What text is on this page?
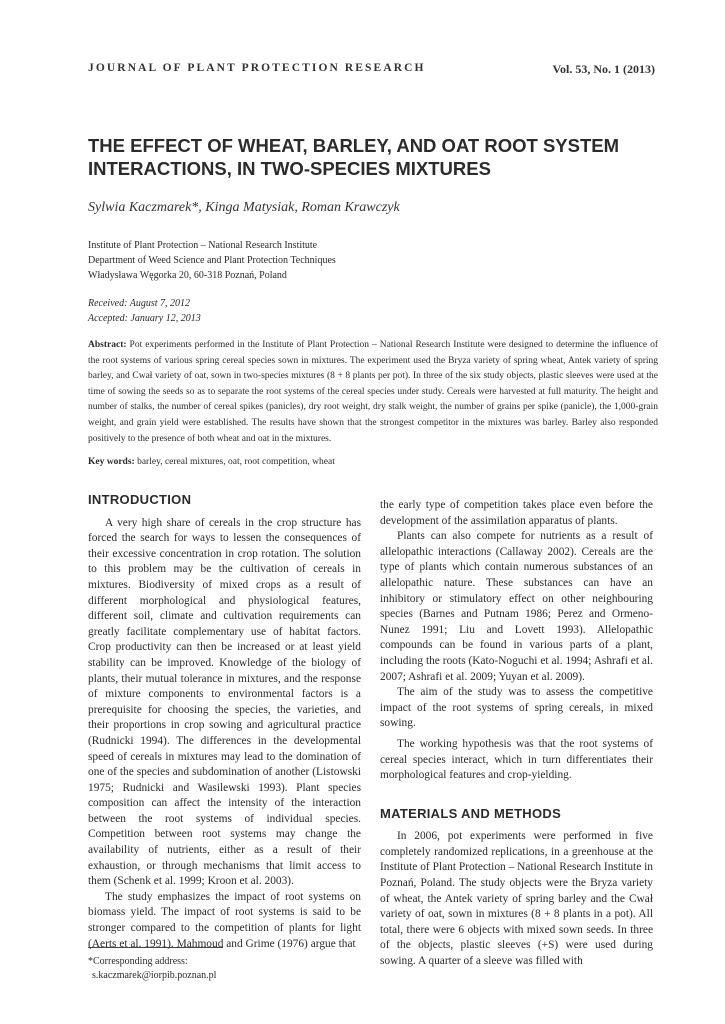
JOURNAL OF PLANT PROTECTION RESEARCH	Vol. 53, No. 1 (2013)
THE EFFECT OF WHEAT, BARLEY, AND OAT ROOT SYSTEM
INTERACTIONS, IN TWO-SPECIES MIXTURES
Sylwia Kaczmarek*, Kinga Matysiak, Roman Krawczyk
Institute of Plant Protection – National Research Institute
Department of Weed Science and Plant Protection Techniques
Władysława Węgorka 20, 60-318 Poznań, Poland
Received: August 7, 2012
Accepted: January 12, 2013
Abstract: Pot experiments performed in the Institute of Plant Protection – National Research Institute were designed to determine the influence of the root systems of various spring cereal species sown in mixtures. The experiment used the Bryza variety of spring wheat, Antek variety of spring barley, and Cwał variety of oat, sown in two-species mixtures (8 + 8 plants per pot). In three of the six study objects, plastic sleeves were used at the time of sowing the seeds so as to separate the root systems of the cereal species under study. Cereals were harvested at full maturity. The height and number of stalks, the number of cereal spikes (panicles), dry root weight, dry stalk weight, the number of grains per spike (panicle), the 1,000-grain weight, and grain yield were established. The results have shown that the strongest competitor in the mixtures was barley. Barley also responded positively to the presence of both wheat and oat in the mixtures.
Key words: barley, cereal mixtures, oat, root competition, wheat
INTRODUCTION

A very high share of cereals in the crop structure has forced the search for ways to lessen the consequences of their excessive concentration in crop rotation. The solution to this problem may be the cultivation of cereals in mixtures. Biodiversity of mixed crops as a result of different morphological and physiological features, different soil, climate and cultivation requirements can greatly facilitate complementary use of habitat factors. Crop productivity can then be increased or at least yield stability can be improved. Knowledge of the biology of plants, their mutual tolerance in mixtures, and the response of mixture components to environmental factors is a prerequisite for choosing the species, the varieties, and their proportions in crop sowing and agricultural practice (Rudnicki 1994). The differences in the developmental speed of cereals in mixtures may lead to the domination of one of the species and subdomination of another (Listowski 1975; Rudnicki and Wasilewski 1993). Plant species composition can affect the intensity of the interaction between the root systems of individual species. Competition between root systems may change the availability of nutrients, either as a result of their exhaustion, or through mechanisms that limit access to them (Schenk et al. 1999; Kroon et al. 2003).

The study emphasizes the impact of root systems on biomass yield. The impact of root systems is said to be stronger compared to the competition of plants for light (Aerts et al. 1991). Mahmoud and Grime (1976) argue that

the early type of competition takes place even before the development of the assimilation apparatus of plants.

Plants can also compete for nutrients as a result of allelopathic interactions (Callaway 2002). Cereals are the type of plants which contain numerous substances of an allelopathic nature. These substances can have an inhibitory or stimulatory effect on other neighbouring species (Barnes and Putnam 1986; Perez and Ormeno-Nunez 1991; Liu and Lovett 1993). Allelopathic compounds can be found in various parts of a plant, including the roots (Kato-Noguchi et al. 1994; Ashrafi et al. 2007; Ashrafi et al. 2009; Yuyan et al. 2009).

The aim of the study was to assess the competitive impact of the root systems of spring cereals, in mixed sowing.

The working hypothesis was that the root systems of cereal species interact, which in turn differentiates their morphological features and crop-yielding.

MATERIALS AND METHODS

In 2006, pot experiments were performed in five completely randomized replications, in a greenhouse at the Institute of Plant Protection – National Research Institute in Poznań, Poland. The study objects were the Bryza variety of wheat, the Antek variety of spring barley and the Cwał variety of oat, sown in mixtures (8 + 8 plants in a pot). All total, there were 6 objects with mixed sown seeds. In three of the objects, plastic sleeves (+S) were used during sowing. A quarter of a sleeve was filled with

*Corresponding address:
s.kaczmarek@iorpib.poznan.pl
